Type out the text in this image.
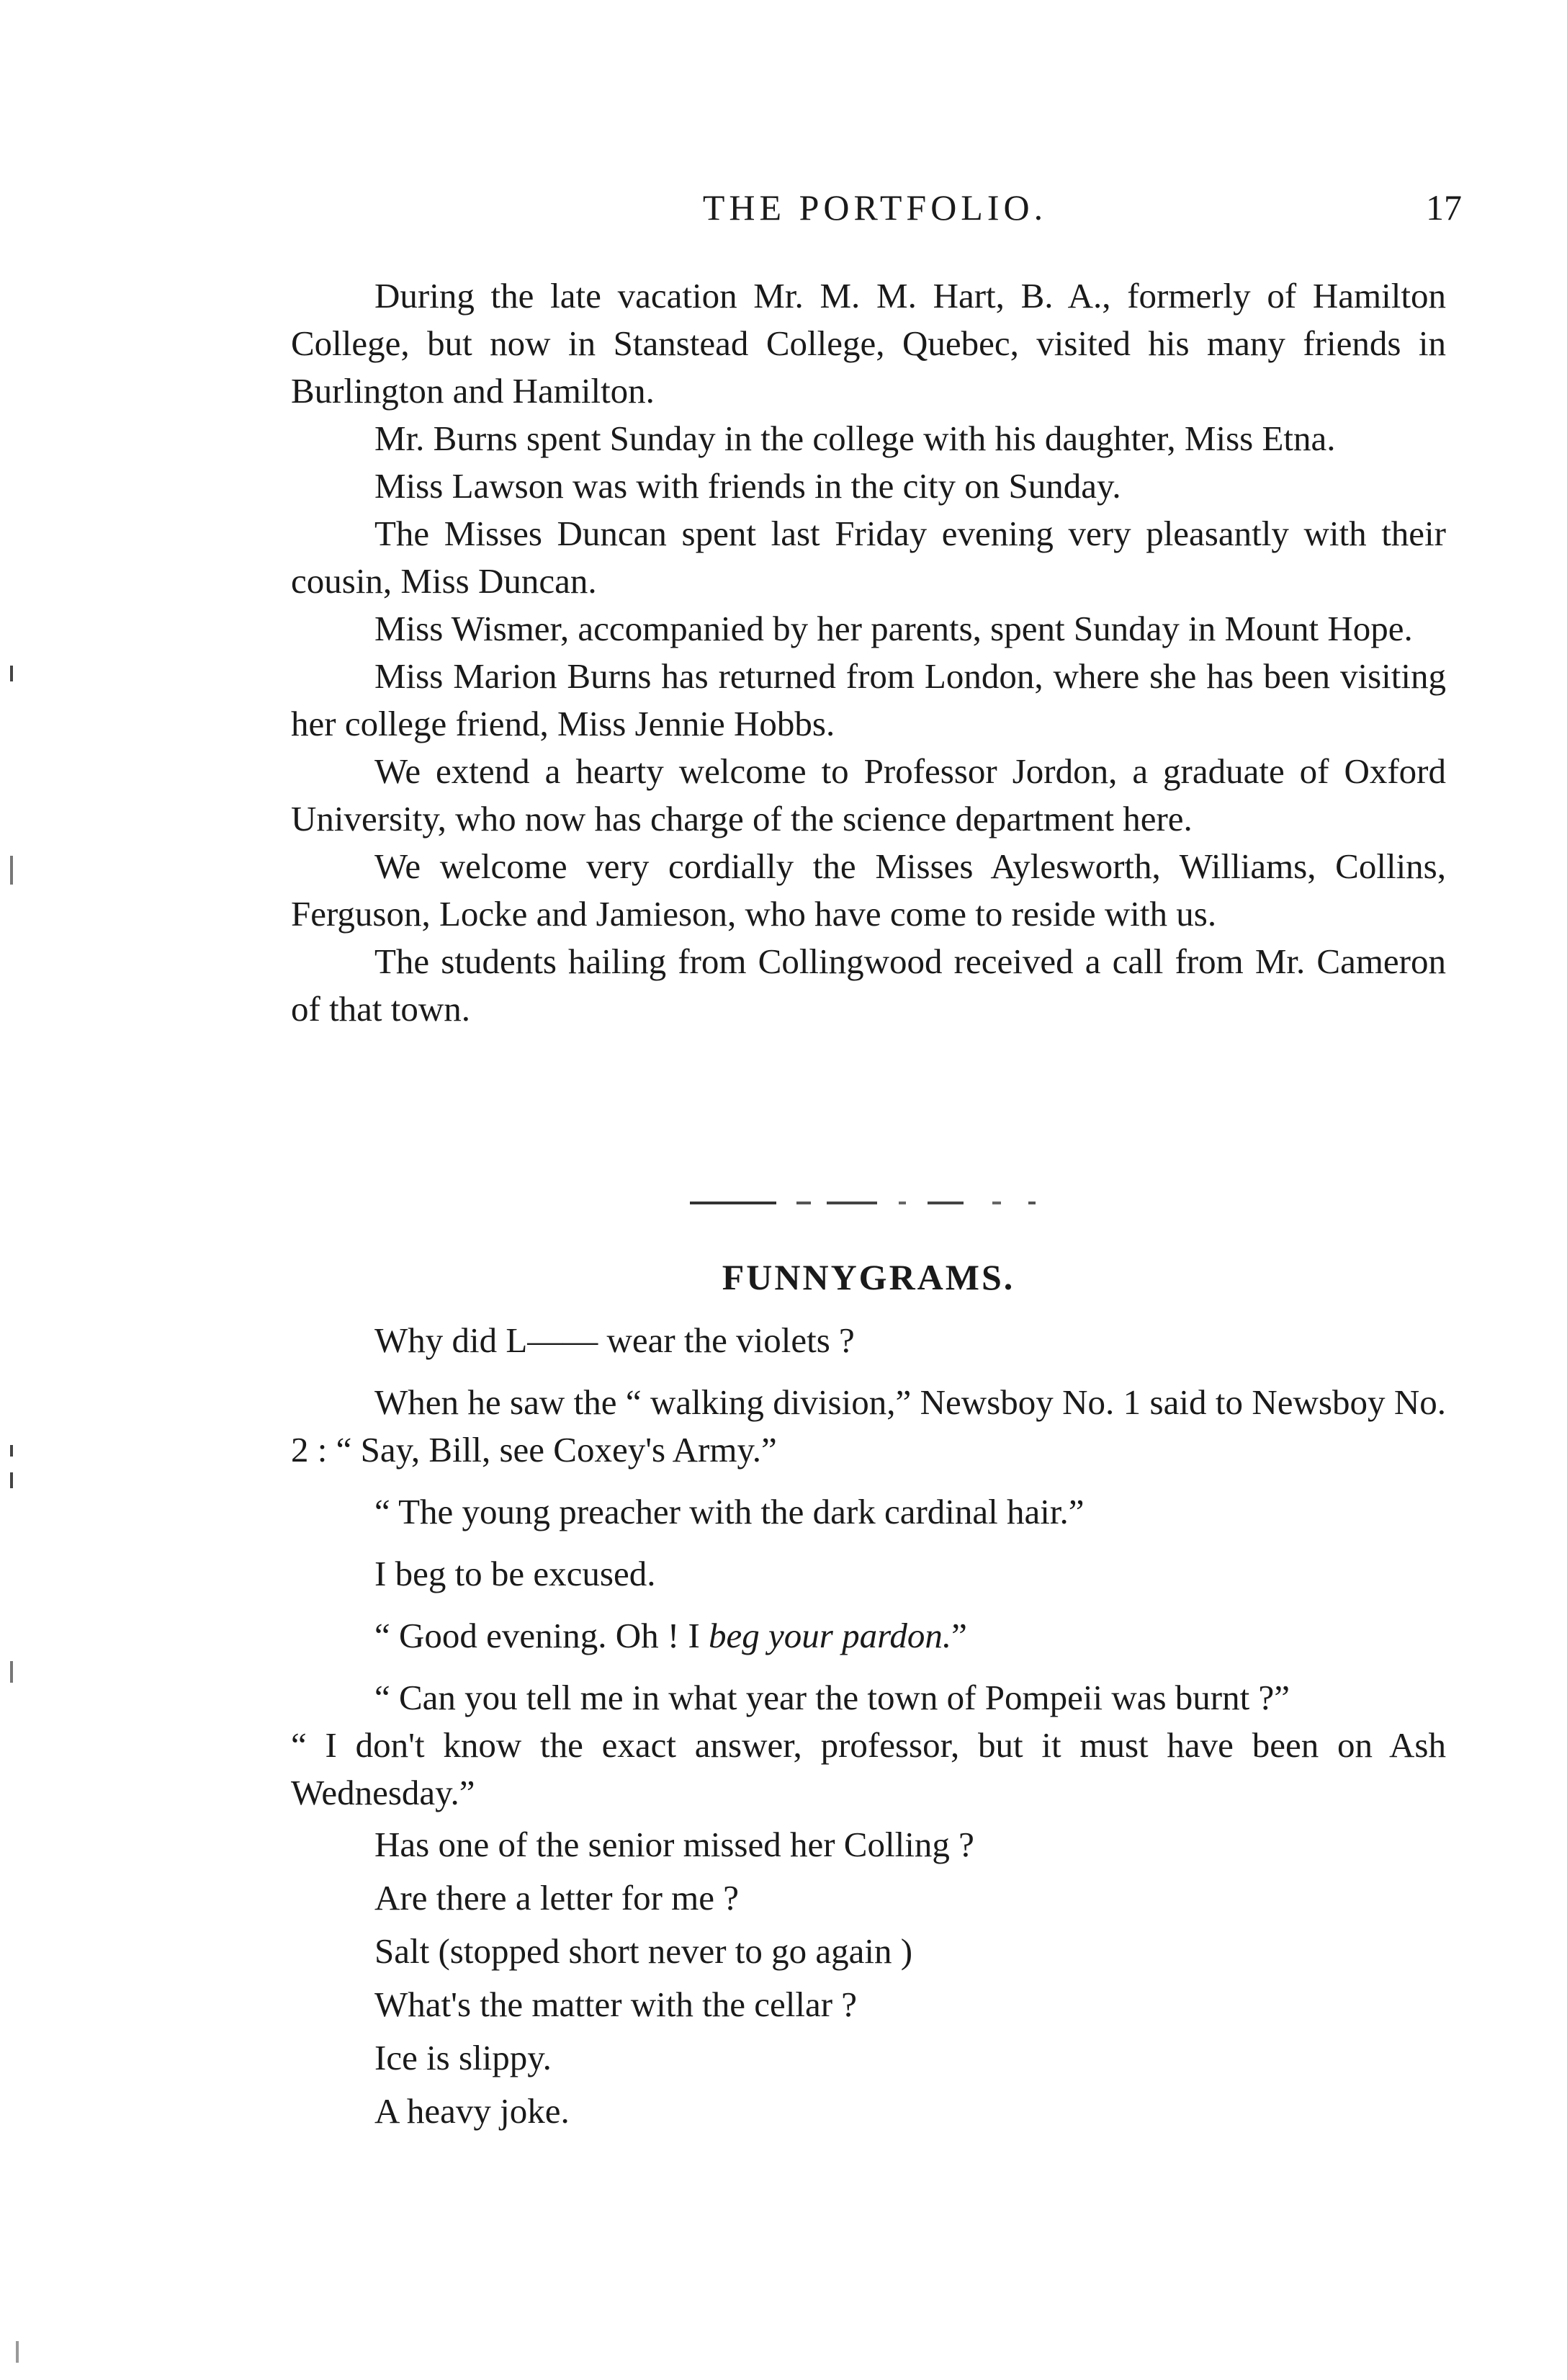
THE PORTFOLIO.	17

During the late vacation Mr. M. M. Hart, B. A., formerly of Hamilton College, but now in Stanstead College, Quebec, visited his many friends in Burlington and Hamilton.

Mr. Burns spent Sunday in the college with his daughter, Miss Etna.

Miss Lawson was with friends in the city on Sunday.

The Misses Duncan spent last Friday evening very pleasantly with their cousin, Miss Duncan.

Miss Wismer, accompanied by her parents, spent Sunday in Mount Hope.

Miss Marion Burns has returned from London, where she has been visiting her college friend, Miss Jennie Hobbs.

We extend a hearty welcome to Professor Jordon, a graduate of Oxford University, who now has charge of the science department here.

We welcome very cordially the Misses Aylesworth, Williams, Collins, Ferguson, Locke and Jamieson, who have come to reside with us.

The students hailing from Collingwood received a call from Mr. Cameron of that town.

FUNNYGRAMS.

Why did L—— wear the violets ?

When he saw the “ walking division,” Newsboy No. 1 said to Newsboy No. 2 : “ Say, Bill, see Coxey's Army.”

“ The young preacher with the dark cardinal hair.”

I beg to be excused.

“ Good evening. Oh ! I beg your pardon.”

“ Can you tell me in what year the town of Pompeii was burnt ?”

“ I don't know the exact answer, professor, but it must have been on Ash Wednesday.”

Has one of the senior missed her Colling ?

Are there a letter for me ?

Salt (stopped short never to go again )

What's the matter with the cellar ?

Ice is slippy.

A heavy joke.
